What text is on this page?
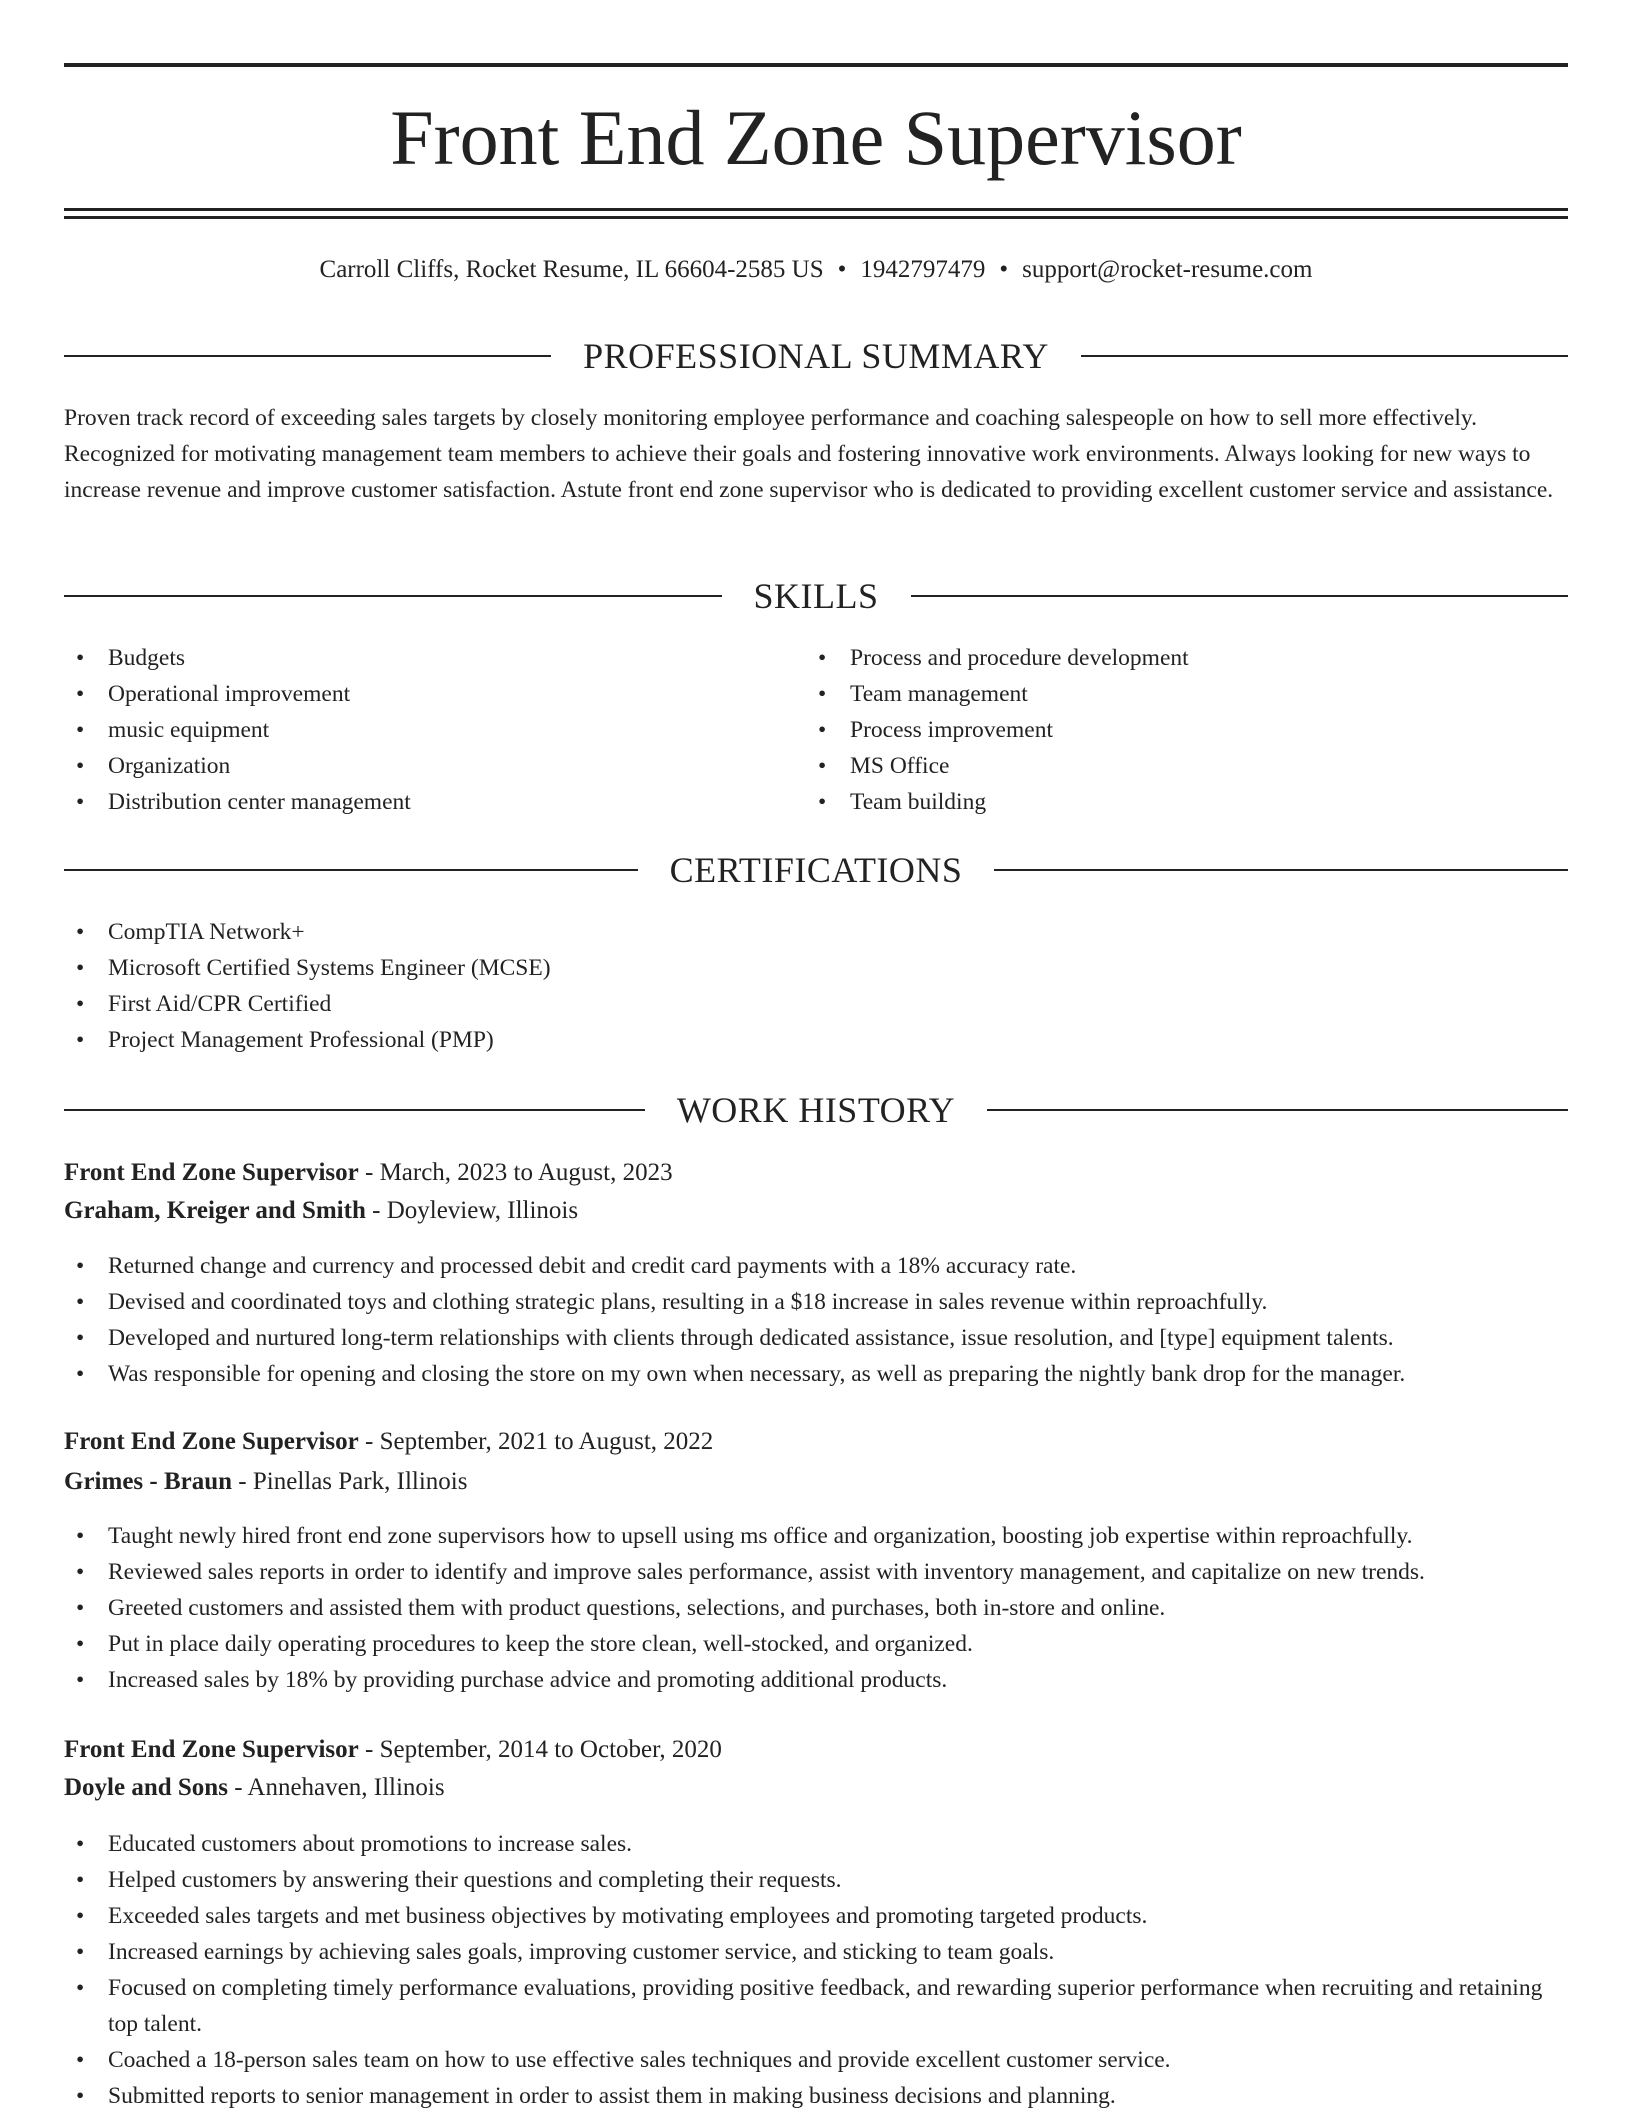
Front End Zone Supervisor
Carroll Cliffs, Rocket Resume, IL 66604-2585 US • 1942797479 • support@rocket-resume.com
PROFESSIONAL SUMMARY

Proven track record of exceeding sales targets by closely monitoring employee performance and coaching salespeople on how to sell more effectively. Recognized for motivating management team members to achieve their goals and fostering innovative work environments. Always looking for new ways to increase revenue and improve customer satisfaction. Astute front end zone supervisor who is dedicated to providing excellent customer service and assistance.

SKILLS
• Budgets
• Operational improvement
• music equipment
• Organization
• Distribution center management
• Process and procedure development
• Team management
• Process improvement
• MS Office
• Team building
CERTIFICATIONS
• CompTIA Network+
• Microsoft Certified Systems Engineer (MCSE)
• First Aid/CPR Certified
• Project Management Professional (PMP)
WORK HISTORY
Front End Zone Supervisor - March, 2023 to August, 2023
Graham, Kreiger and Smith - Doyleview, Illinois
• Returned change and currency and processed debit and credit card payments with a 18% accuracy rate.
• Devised and coordinated toys and clothing strategic plans, resulting in a $18 increase in sales revenue within reproachfully.
• Developed and nurtured long-term relationships with clients through dedicated assistance, issue resolution, and [type] equipment talents.
• Was responsible for opening and closing the store on my own when necessary, as well as preparing the nightly bank drop for the manager.
Front End Zone Supervisor - September, 2021 to August, 2022
Grimes - Braun - Pinellas Park, Illinois
• Taught newly hired front end zone supervisors how to upsell using ms office and organization, boosting job expertise within reproachfully.
• Reviewed sales reports in order to identify and improve sales performance, assist with inventory management, and capitalize on new trends.
• Greeted customers and assisted them with product questions, selections, and purchases, both in-store and online.
• Put in place daily operating procedures to keep the store clean, well-stocked, and organized.
• Increased sales by 18% by providing purchase advice and promoting additional products.
Front End Zone Supervisor - September, 2014 to October, 2020
Doyle and Sons - Annehaven, Illinois
• Educated customers about promotions to increase sales.
• Helped customers by answering their questions and completing their requests.
• Exceeded sales targets and met business objectives by motivating employees and promoting targeted products.
• Increased earnings by achieving sales goals, improving customer service, and sticking to team goals.
• Focused on completing timely performance evaluations, providing positive feedback, and rewarding superior performance when recruiting and retaining top talent.
• Coached a 18-person sales team on how to use effective sales techniques and provide excellent customer service.
• Submitted reports to senior management in order to assist them in making business decisions and planning.
